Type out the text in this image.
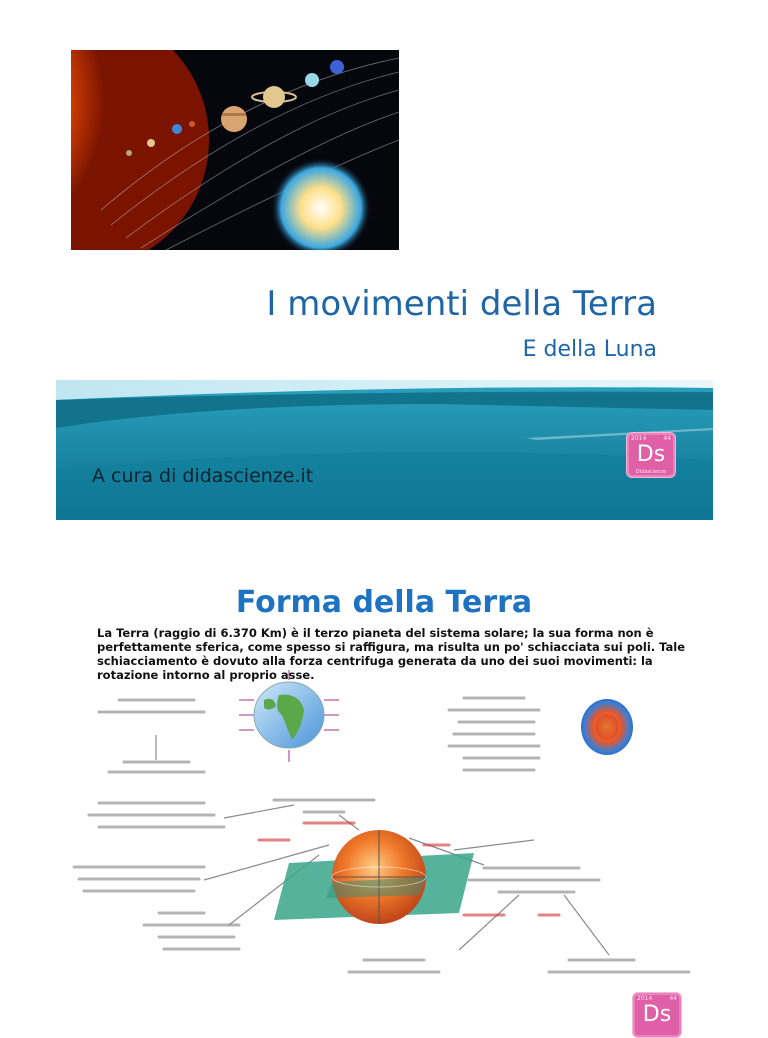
I movimenti della Terra
E della Luna
A cura di didascienze.it
2014	44
Ds
Didascienze
Forma della Terra
La Terra (raggio di 6.370 Km) è il terzo pianeta del sistema solare; la sua forma non è perfettamente sferica, come spesso si raffigura, ma risulta un po' schiacciata sui poli. Tale schiacciamento è dovuto alla forza centrifuga generata da uno dei suoi movimenti: la rotazione intorno al proprio asse.
2014	44
Ds
